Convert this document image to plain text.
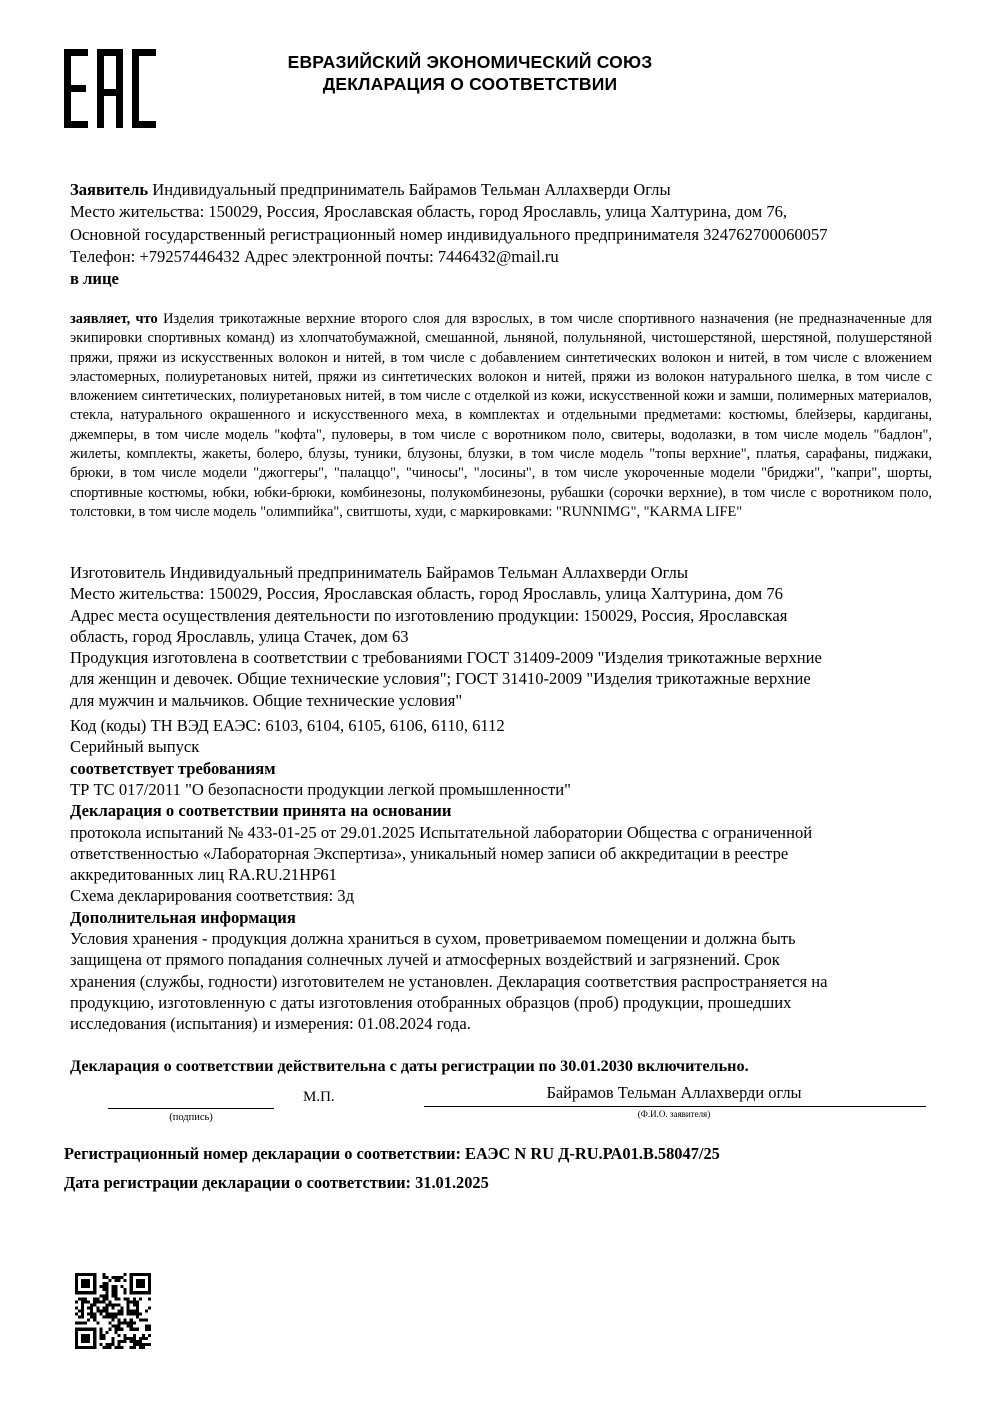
ЕВРАЗИЙСКИЙ ЭКОНОМИЧЕСКИЙ СОЮЗ
ДЕКЛАРАЦИЯ О СООТВЕТСТВИИ
Заявитель Индивидуальный предприниматель Байрамов Тельман Аллахверди Оглы
Место жительства: 150029, Россия, Ярославская область, город Ярославль, улица Халтурина, дом 76,
Основной государственный регистрационный номер индивидуального предпринимателя 324762700060057
Телефон: +79257446432 Адрес электронной почты: 7446432@mail.ru
в лице
заявляет, что Изделия трикотажные верхние второго слоя для взрослых, в том числе спортивного назначения (не предназначенные для экипировки спортивных команд) из хлопчатобумажной, смешанной, льняной, полульняной, чистошерстяной, шерстяной, полушерстяной пряжи, пряжи из искусственных волокон и нитей, в том числе с добавлением синтетических волокон и нитей, в том числе с вложением эластомерных, полиуретановых нитей, пряжи из синтетических волокон и нитей, пряжи из волокон натурального шелка, в том числе с вложением синтетических, полиуретановых нитей, в том числе с отделкой из кожи, искусственной кожи и замши, полимерных материалов, стекла, натурального окрашенного и искусственного меха, в комплектах и отдельными предметами: костюмы, блейзеры, кардиганы, джемперы, в том числе модель "кофта", пуловеры, в том числе с воротником поло, свитеры, водолазки, в том числе модель "бадлон", жилеты, комплекты, жакеты, болеро, блузы, туники, блузоны, блузки, в том числе модель "топы верхние", платья, сарафаны, пиджаки, брюки, в том числе модели "джоггеры", "палаццо", "чиносы", "лосины", в том числе укороченные модели "бриджи", "капри", шорты, спортивные костюмы, юбки, юбки-брюки, комбинезоны, полукомбинезоны, рубашки (сорочки верхние), в том числе с воротником поло, толстовки, в том числе модель "олимпийка", свитшоты, худи, с маркировками: "RUNNIMG", "KARMA LIFE"
Изготовитель Индивидуальный предприниматель Байрамов Тельман Аллахверди Оглы
Место жительства: 150029, Россия, Ярославская область, город Ярославль, улица Халтурина, дом 76
Адрес места осуществления деятельности по изготовлению продукции: 150029, Россия, Ярославская
область, город Ярославль, улица Стачек, дом 63
Продукция изготовлена в соответствии с требованиями ГОСТ 31409-2009 "Изделия трикотажные верхние
для женщин и девочек. Общие технические условия"; ГОСТ 31410-2009 "Изделия трикотажные верхние
для мужчин и мальчиков. Общие технические условия"
Код (коды) ТН ВЭД ЕАЭС: 6103, 6104, 6105, 6106, 6110, 6112
Серийный выпуск
соответствует требованиям
ТР ТС 017/2011 "О безопасности продукции легкой промышленности"
Декларация о соответствии принята на основании
протокола испытаний № 433-01-25 от 29.01.2025 Испытательной лаборатории Общества с ограниченной
ответственностью «Лабораторная Экспертиза», уникальный номер записи об аккредитации в реестре
аккредитованных лиц RA.RU.21НР61
Схема декларирования соответствия: 3д
Дополнительная информация
Условия хранения - продукция должна храниться в сухом, проветриваемом помещении и должна быть
защищена от прямого попадания солнечных лучей и атмосферных воздействий и загрязнений. Срок
хранения (службы, годности) изготовителем не установлен. Декларация соответствия распространяется на
продукцию, изготовленную с даты изготовления отобранных образцов (проб) продукции, прошедших
исследования (испытания) и измерения: 01.08.2024 года.
Декларация о соответствии действительна с даты регистрации по 30.01.2030 включительно.
(подпись)
М.П.	Байрамов Тельман Аллахверди оглы
(Ф.И.О. заявителя)
Регистрационный номер декларации о соответствии: ЕАЭС N RU Д-RU.РА01.В.58047/25
Дата регистрации декларации о соответствии: 31.01.2025
